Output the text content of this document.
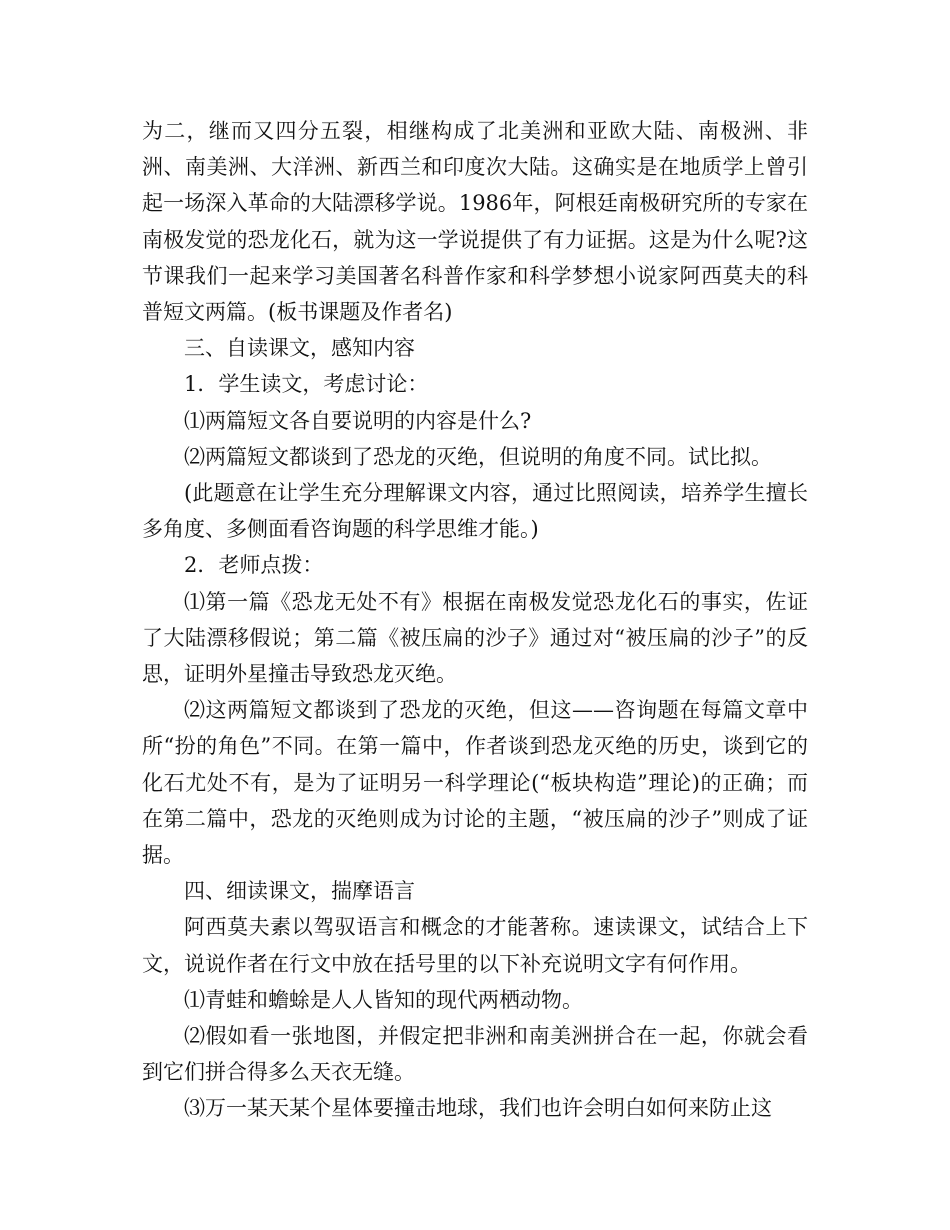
为二，继而又四分五裂，相继构成了北美洲和亚欧大陆、南极洲、非洲、南美洲、大洋洲、新西兰和印度次大陆。这确实是在地质学上曾引起一场深入革命的大陆漂移学说。1986年，阿根廷南极研究所的专家在南极发觉的恐龙化石，就为这一学说提供了有力证据。这是为什么呢?这节课我们一起来学习美国著名科普作家和科学梦想小说家阿西莫夫的科普短文两篇。(板书课题及作者名)

三、自读课文，感知内容

1．学生读文，考虑讨论：

⑴两篇短文各自要说明的内容是什么?

⑵两篇短文都谈到了恐龙的灭绝，但说明的角度不同。试比拟。

(此题意在让学生充分理解课文内容，通过比照阅读，培养学生擅长多角度、多侧面看咨询题的科学思维才能。)

2．老师点拨：

⑴第一篇《恐龙无处不有》根据在南极发觉恐龙化石的事实，佐证了大陆漂移假说；第二篇《被压扁的沙子》通过对“被压扁的沙子”的反思，证明外星撞击导致恐龙灭绝。

⑵这两篇短文都谈到了恐龙的灭绝，但这——咨询题在每篇文章中所“扮的角色”不同。在第一篇中，作者谈到恐龙灭绝的历史，谈到它的化石尤处不有，是为了证明另一科学理论(“板块构造”理论)的正确；而在第二篇中，恐龙的灭绝则成为讨论的主题，“被压扁的沙子”则成了证据。

四、细读课文，揣摩语言

阿西莫夫素以驾驭语言和概念的才能著称。速读课文，试结合上下文，说说作者在行文中放在括号里的以下补充说明文字有何作用。

⑴青蛙和蟾蜍是人人皆知的现代两栖动物。

⑵假如看一张地图，并假定把非洲和南美洲拼合在一起，你就会看到它们拼合得多么天衣无缝。

⑶万一某天某个星体要撞击地球，我们也许会明白如何来防止这
